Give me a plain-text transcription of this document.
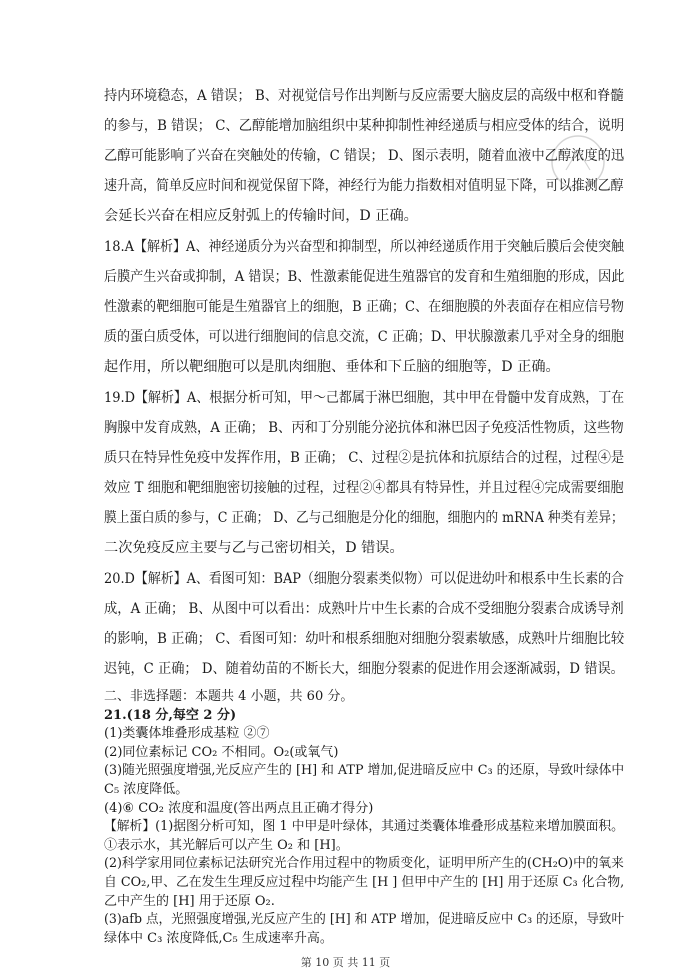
持内环境稳态，A 错误； B、对视觉信号作出判断与反应需要大脑皮层的高级中枢和脊髓
的参与，B 错误； C、乙醇能增加脑组织中某种抑制性神经递质与相应受体的结合，说明
乙醇可能影响了兴奋在突触处的传输，C 错误； D、图示表明，随着血液中乙醇浓度的迅
速升高，简单反应时间和视觉保留下降，神经行为能力指数相对值明显下降，可以推测乙醇
会延长兴奋在相应反射弧上的传输时间，D 正确。
18.A【解析】A、神经递质分为兴奋型和抑制型，所以神经递质作用于突触后膜后会使突触
后膜产生兴奋或抑制，A 错误；B、性激素能促进生殖器官的发育和生殖细胞的形成，因此
性激素的靶细胞可能是生殖器官上的细胞，B 正确；C、在细胞膜的外表面存在相应信号物
质的蛋白质受体，可以进行细胞间的信息交流，C 正确；D、甲状腺激素几乎对全身的细胞
起作用，所以靶细胞可以是肌肉细胞、垂体和下丘脑的细胞等，D 正确。
19.D【解析】A、根据分析可知，甲～己都属于淋巴细胞，其中甲在骨髓中发育成熟，丁在
胸腺中发育成熟，A 正确； B、丙和丁分别能分泌抗体和淋巴因子免疫活性物质，这些物
质只在特异性免疫中发挥作用，B 正确； C、过程②是抗体和抗原结合的过程，过程④是
效应 T 细胞和靶细胞密切接触的过程，过程②④都具有特异性，并且过程④完成需要细胞
膜上蛋白质的参与，C 正确； D、乙与己细胞是分化的细胞，细胞内的 mRNA 种类有差异；
二次免疫反应主要与乙与己密切相关，D 错误。
20.D【解析】A、看图可知：BAP（细胞分裂素类似物）可以促进幼叶和根系中生长素的合
成，A 正确； B、从图中可以看出：成熟叶片中生长素的合成不受细胞分裂素合成诱导剂
的影响，B 正确； C、看图可知：幼叶和根系细胞对细胞分裂素敏感，成熟叶片细胞比较
迟钝，C 正确； D、随着幼苗的不断长大，细胞分裂素的促进作用会逐渐减弱，D 错误。
二、非选择题：本题共 4 小题，共 60 分。
21.(18 分,每空 2 分)
(1)类囊体堆叠形成基粒 ②⑦
(2)同位素标记 CO₂ 不相同。O₂(或氧气)
(3)随光照强度增强,光反应产生的 [H] 和 ATP 增加,促进暗反应中 C₃ 的还原，导致叶绿体中
C₅ 浓度降低。
(4)⑥ CO₂ 浓度和温度(答出两点且正确才得分)
【解析】(1)据图分析可知，图 1 中甲是叶绿体，其通过类囊体堆叠形成基粒来增加膜面积。
①表示水，其光解后可以产生 O₂ 和 [H]。
(2)科学家用同位素标记法研究光合作用过程中的物质变化，证明甲所产生的(CH₂O)中的氧来
自 CO₂,甲、乙在发生生理反应过程中均能产生 [H ] 但甲中产生的 [H] 用于还原 C₃ 化合物,
乙中产生的 [H] 用于还原 O₂.
(3)afb 点，光照强度增强,光反应产生的 [H] 和 ATP 增加，促进暗反应中 C₃ 的还原，导致叶
绿体中 C₃ 浓度降低,C₅ 生成速率升高。
第 10 页 共 11 页
